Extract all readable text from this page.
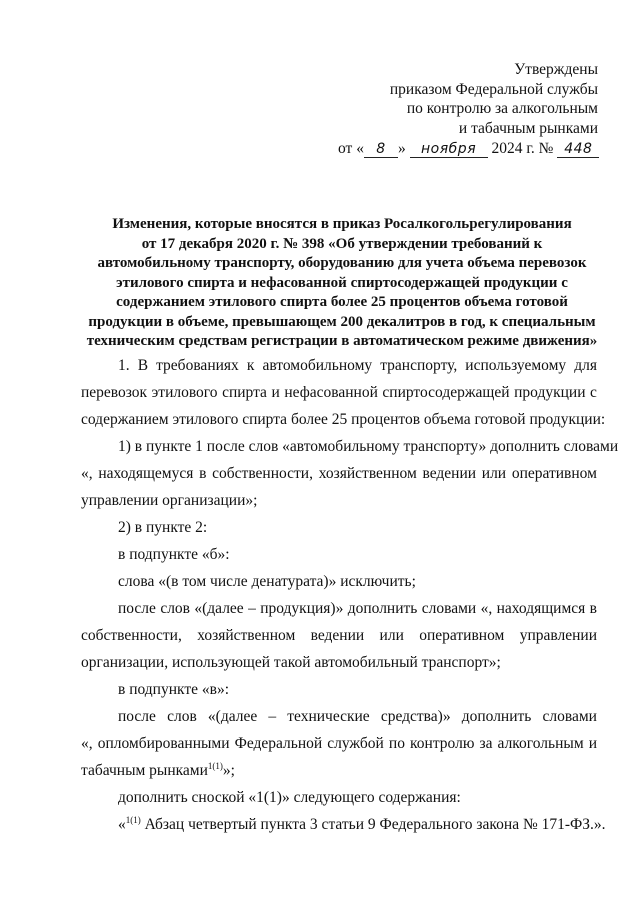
Утверждены
приказом Федеральной службы
по контролю за алкогольным
и табачным рынками
от « 8 » ноября 2024 г. № 448
Изменения, которые вносятся в приказ Росалкогольрегулирования
от 17 декабря 2020 г. № 398 «Об утверждении требований к
автомобильному транспорту, оборудованию для учета объема перевозок
этилового спирта и нефасованной спиртосодержащей продукции с
содержанием этилового спирта более 25 процентов объема готовой
продукции в объеме, превышающем 200 декалитров в год, к специальным
техническим средствам регистрации в автоматическом режиме движения»
1. В требованиях к автомобильному транспорту, используемому для
перевозок этилового спирта и нефасованной спиртосодержащей продукции с
содержанием этилового спирта более 25 процентов объема готовой продукции:
1) в пункте 1 после слов «автомобильному транспорту» дополнить словами
«, находящемуся в собственности, хозяйственном ведении или оперативном
управлении организации»;
2) в пункте 2:
в подпункте «б»:
слова «(в том числе денатурата)» исключить;
после слов «(далее – продукция)» дополнить словами «, находящимся в
собственности, хозяйственном ведении или оперативном управлении
организации, использующей такой автомобильный транспорт»;
в подпункте «в»:
после слов «(далее – технические средства)» дополнить словами
«, опломбированными Федеральной службой по контролю за алкогольным и
табачным рынками$^{1(1)}$»;
дополнить сноской «1(1)» следующего содержания:
«$^{1(1)}$ Абзац четвертый пункта 3 статьи 9 Федерального закона № 171-ФЗ.».
